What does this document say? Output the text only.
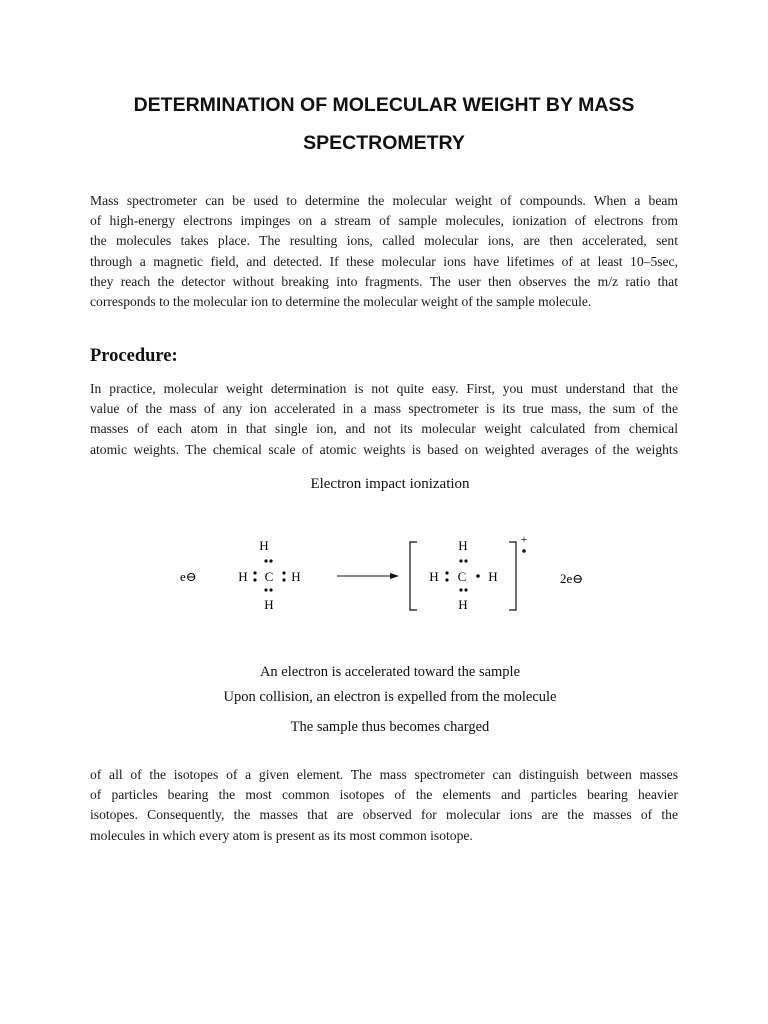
DETERMINATION OF MOLECULAR WEIGHT BY MASS
SPECTROMETRY

Mass spectrometer can be used to determine the molecular weight of compounds. When a beam
of high-energy electrons impinges on a stream of sample molecules, ionization of electrons from
the molecules takes place. The resulting ions, called molecular ions, are then accelerated, sent
through a magnetic field, and detected. If these molecular ions have lifetimes of at least 10–5sec,
they reach the detector without breaking into fragments. The user then observes the m/z ratio that
corresponds to the molecular ion to determine the molecular weight of the sample molecule.

Procedure:

In practice, molecular weight determination is not quite easy. First, you must understand that the
value of the mass of any ion accelerated in a mass spectrometer is its true mass, the sum of the
masses of each atom in that single ion, and not its molecular weight calculated from chemical
atomic weights. The chemical scale of atomic weights is based on weighted averages of the weights

Electron impact ionization
e⊖
H
H C H
H
H
H C H
H
+
2e⊖
An electron is accelerated toward the sample
Upon collision, an electron is expelled from the molecule
The sample thus becomes charged

of all of the isotopes of a given element. The mass spectrometer can distinguish between masses
of particles bearing the most common isotopes of the elements and particles bearing heavier
isotopes. Consequently, the masses that are observed for molecular ions are the masses of the
molecules in which every atom is present as its most common isotope.
